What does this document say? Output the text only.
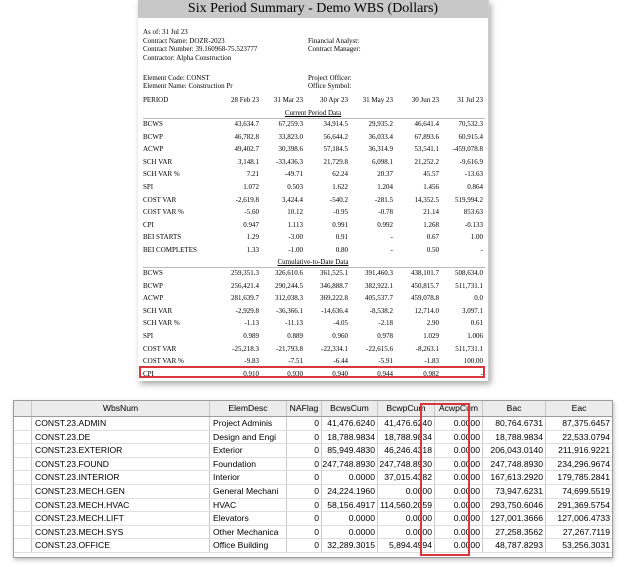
Six Period Summary - Demo WBS (Dollars)
As of: 31 Jul 23
Contract Name: DOZR-2023
Contract Number: 39.160968-75.523777
Contractor: Alpha Construction
Financial Analyst:
Contract Manager:
Element Code: CONST
Element Name: Construction Pr
Project Officer:
Office Symbol:
PERIOD	28 Feb 23	31 Mar 23	30 Apr 23	31 May 23	30 Jun 23	31 Jul 23
Current Period Data
BCWS	43,634.7	67,259.3	34,914.5	29,935.2	46,641.4	70,532.3
BCWP	46,782.8	33,823.0	56,644.2	36,033.4	67,893.6	60,915.4
ACWP	49,402.7	30,398.6	57,184.5	36,314.9	53,541.1	-459,078.8
SCH VAR	3,148.1	-33,436.3	21,729.8	6,098.1	21,252.2	-9,616.9
SCH VAR %	7.21	-49.71	62.24	20.37	45.57	-13.63
SPI	1.072	0.503	1.622	1.204	1.456	0.864
COST VAR	-2,619.8	3,424.4	-540.2	-281.5	14,352.5	519,994.2
COST VAR %	-5.60	10.12	-0.95	-0.78	21.14	853.63
CPI	0.947	1.113	0.991	0.992	1.268	-0.133
BEI STARTS	1.29	-3.00	0.91	-	0.67	1.00
BEI COMPLETES	1.33	-1.00	0.80	-	0.50	-
Cumulative-to-Date Data
BCWS	259,351.3	326,610.6	361,525.1	391,460.3	438,101.7	508,634.0
BCWP	256,421.4	290,244.5	346,888.7	382,922.1	450,815.7	511,731.1
ACWP	281,639.7	312,038.3	369,222.8	405,537.7	459,078.8	0.0
SCH VAR	-2,929.8	-36,366.1	-14,636.4	-8,538.2	12,714.0	3,097.1
SCH VAR %	-1.13	-11.13	-4.05	-2.18	2.90	0.61
SPI	0.989	0.889	0.960	0.978	1.029	1.006
COST VAR	-25,218.3	-21,793.8	-22,334.1	-22,615.6	-8,263.1	511,731.1
COST VAR %	-9.83	-7.51	-6.44	-5.91	-1.83	100.00
CPI	0.910	0.930	0.940	0.944	0.982	-
WbsNum	ElemDesc	NAFlag	BcwsCum	BcwpCum	AcwpCum	Bac	Eac
CONST.23.ADMIN	Project Adminis	0 41,476.6240	41,476.6240	0.0000	80,764.6731	87,375.6457
CONST.23.DE	Design and Engi	0 18,788.9834	18,788.9834	0.0000	18,788.9834	22,533.0794
CONST.23.EXTERIOR	Exterior	0 85,949.4830	46,246.4318	0.0000	206,043.0140	211,916.9221
CONST.23.FOUND	Foundation	0 247,748.8930 247,748.8930	0.0000	247,748.8930	234,296.9674
CONST.23.INTERIOR	Interior	0	0.0000	37,015.4382	0.0000	167,613.2920	179,785.2841
CONST.23.MECH.GEN	General Mechani	0 24,224.1960	0.0000	0.0000	73,947.6231	74,699.5519
CONST.23.MECH.HVAC	HVAC	0 58,156.4917 114,560.2059	0.0000	293,750.6046	291,369.5754
CONST.23.MECH.LIFT	Elevators	0	0.0000	0.0000	0.0000	127,001.3666	127,006.4733
CONST.23.MECH.SYS	Other Mechanica	0	0.0000	0.0000	0.0000	27,258.3562	27,267.7119
CONST.23.OFFICE	Office Building	0 32,289.3015	5,894.4994	0.0000	48,787.8293	53,256.3031
